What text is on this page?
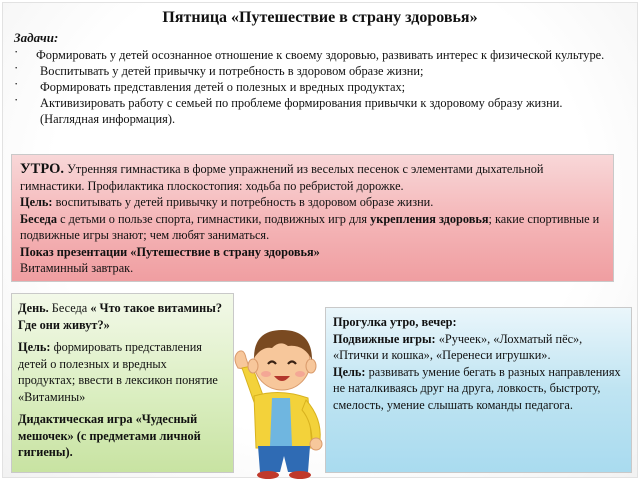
Пятница «Путешествие в страну здоровья»
Задачи:
· Формировать у детей осознанное отношение к своему здоровью, развивать интерес к физической культуре.
· Воспитывать у детей привычку и потребность в здоровом образе жизни;
· Формировать представления детей о полезных и вредных продуктах;
· Активизировать работу с семьей по проблеме формирования привычки к здоровому образу жизни. (Наглядная информация).
УТРО. Утренняя гимнастика в форме упражнений из веселых песенок с элементами дыхательной гимнастики. Профилактика плоскостопия: ходьба по ребристой дорожке.
Цель: воспитывать у детей привычку и потребность в здоровом образе жизни.
Беседа с детьми о пользе спорта, гимнастики, подвижных игр для укрепления здоровья; какие спортивные и подвижные игры знают; чем любят заниматься.
Показ презентации «Путешествие в страну здоровья»
Витаминный завтрак.

День. Беседа « Что такое витамины? Где они живут?»

Цель: формировать представления детей о полезных и вредных продуктах; ввести в лексикон понятие «Витамины»

Дидактическая игра «Чудесный мешочек» (с предметами личной гигиены).

Прогулка утро, вечер:
Подвижные игры: «Ручеек», «Лохматый пёс», «Птички и кошка», «Перенеси игрушки».
Цель: развивать умение бегать в разных направлениях не наталкиваясь друг на друга, ловкость, быстроту, смелость, умение слышать команды педагога.
